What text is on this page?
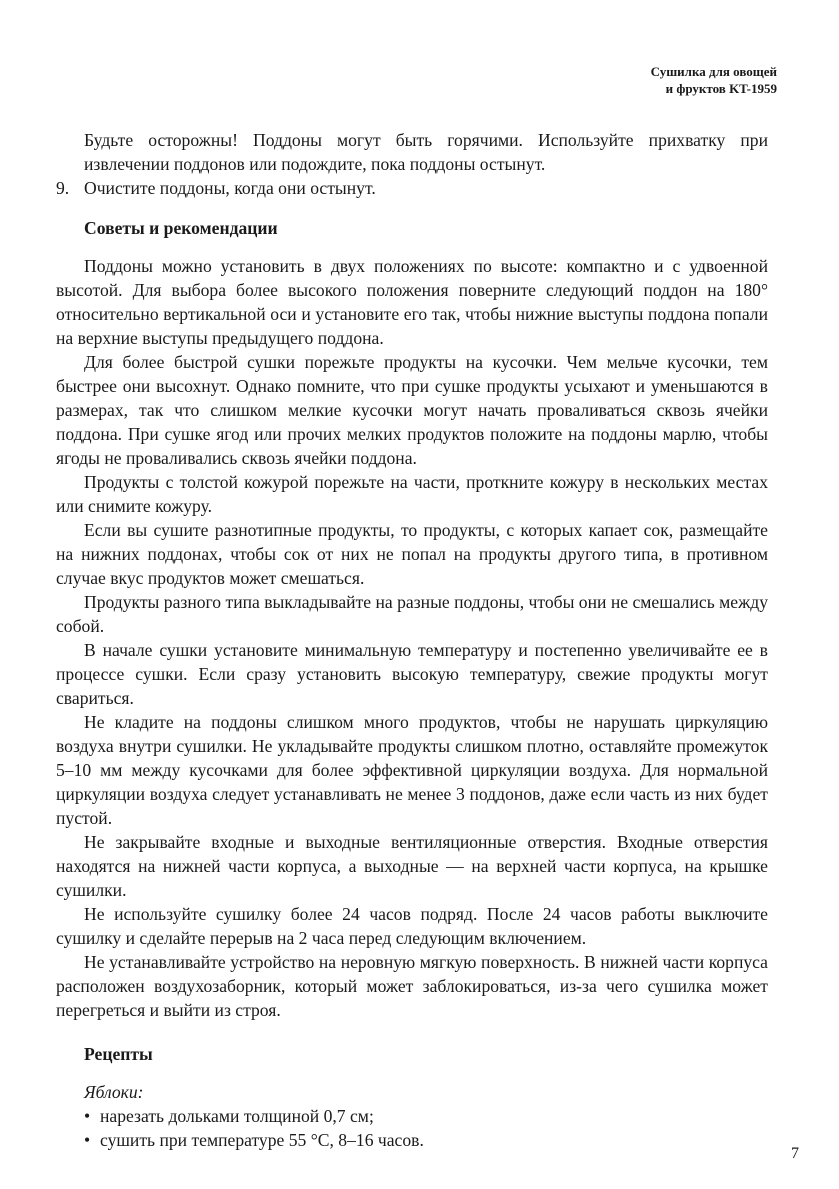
Сушилка для овощей
и фруктов KT-1959

Будьте осторожны! Поддоны могут быть горячими. Используйте прихватку при извлечении поддонов или подождите, пока поддоны остынут.

9. Очистите поддоны, когда они остынут.
Советы и рекомендации

Поддоны можно установить в двух положениях по высоте: компактно и с удвоенной высотой. Для выбора более высокого положения поверните следующий поддон на 180° относительно вертикальной оси и установите его так, чтобы нижние выступы поддона попали на верхние выступы предыдущего поддона.

Для более быстрой сушки порежьте продукты на кусочки. Чем мельче кусочки, тем быстрее они высохнут. Однако помните, что при сушке продукты усыхают и уменьшаются в размерах, так что слишком мелкие кусочки могут начать проваливаться сквозь ячейки поддона. При сушке ягод или прочих мелких продуктов положите на поддоны марлю, чтобы ягоды не проваливались сквозь ячейки поддона.

Продукты с толстой кожурой порежьте на части, проткните кожуру в нескольких местах или снимите кожуру.

Если вы сушите разнотипные продукты, то продукты, с которых капает сок, размещайте на нижних поддонах, чтобы сок от них не попал на продукты другого типа, в противном случае вкус продуктов может смешаться.

Продукты разного типа выкладывайте на разные поддоны, чтобы они не смешались между собой.

В начале сушки установите минимальную температуру и постепенно увеличивайте ее в процессе сушки. Если сразу установить высокую температуру, свежие продукты могут свариться.

Не кладите на поддоны слишком много продуктов, чтобы не нарушать циркуляцию воздуха внутри сушилки. Не укладывайте продукты слишком плотно, оставляйте промежуток 5–10 мм между кусочками для более эффективной циркуляции воздуха. Для нормальной циркуляции воздуха следует устанавливать не менее 3 поддонов, даже если часть из них будет пустой.

Не закрывайте входные и выходные вентиляционные отверстия. Входные отверстия находятся на нижней части корпуса, а выходные — на верхней части корпуса, на крышке сушилки.

Не используйте сушилку более 24 часов подряд. После 24 часов работы выключите сушилку и сделайте перерыв на 2 часа перед следующим включением.

Не устанавливайте устройство на неровную мягкую поверхность. В нижней части корпуса расположен воздухозаборник, который может заблокироваться, из-за чего сушилка может перегреться и выйти из строя.

Рецепты
Яблоки:
• нарезать дольками толщиной 0,7 см;
• сушить при температуре 55 °C, 8–16 часов.
7
